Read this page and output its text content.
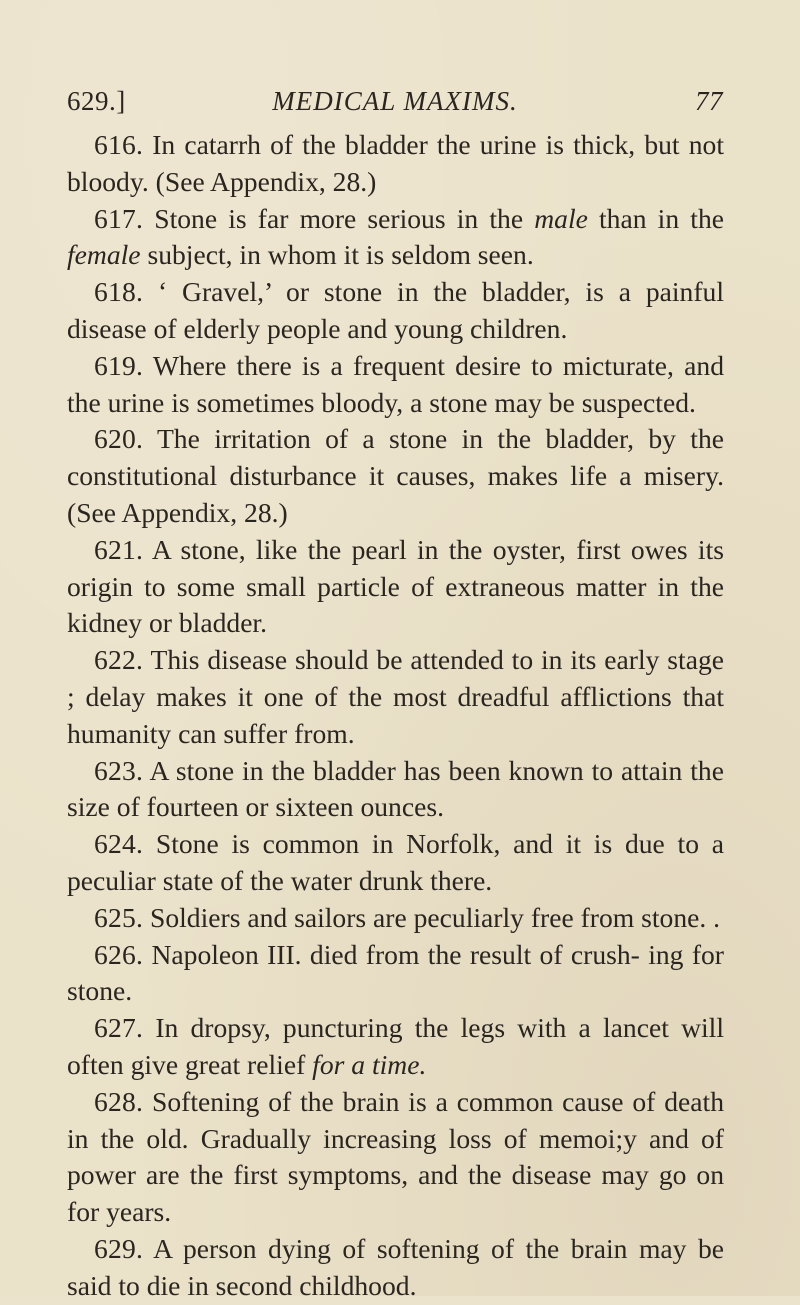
629.]	MEDICAL MAXIMS.	77

616. In catarrh of the bladder the urine is thick, but not bloody. (See Appendix, 28.)

617. Stone is far more serious in the male than in the female subject, in whom it is seldom seen.

618. ‘ Gravel,’ or stone in the bladder, is a painful disease of elderly people and young children.

619. Where there is a frequent desire to micturate, and the urine is sometimes bloody, a stone may be suspected.

620. The irritation of a stone in the bladder, by the constitutional disturbance it causes, makes life a misery. (See Appendix, 28.)

621. A stone, like the pearl in the oyster, first owes its origin to some small particle of extraneous matter in the kidney or bladder.

622. This disease should be attended to in its early stage ; delay makes it one of the most dreadful afflictions that humanity can suffer from.

623. A stone in the bladder has been known to attain the size of fourteen or sixteen ounces.

624. Stone is common in Norfolk, and it is due to a peculiar state of the water drunk there.

625. Soldiers and sailors are peculiarly free from stone. .

626. Napoleon III. died from the result of crush- ing for stone.

627. In dropsy, puncturing the legs with a lancet will often give great relief for a time.

628. Softening of the brain is a common cause of death in the old. Gradually increasing loss of memoi;y and of power are the first symptoms, and the disease may go on for years.

629. A person dying of softening of the brain may be said to die in second childhood.
